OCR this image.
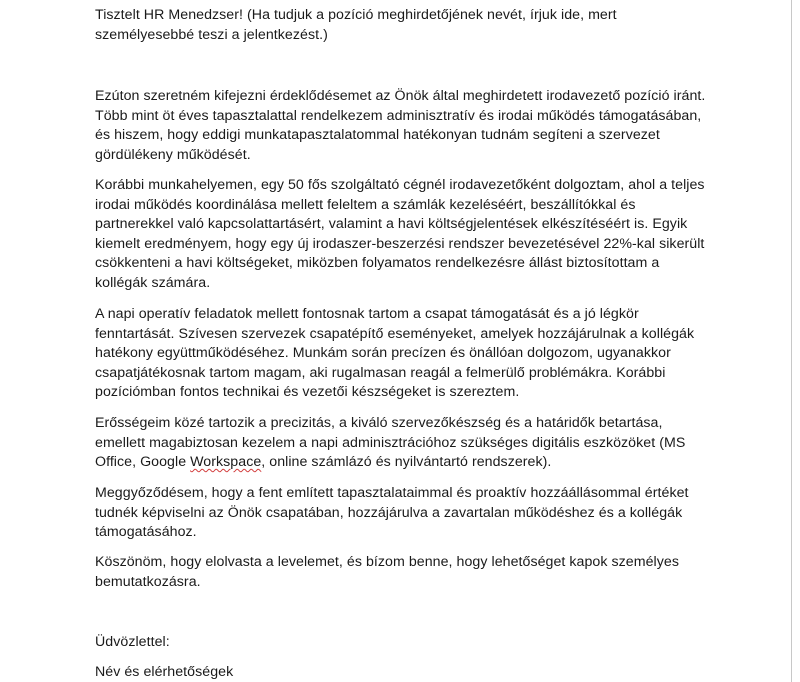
Tisztelt HR Menedzser! (Ha tudjuk a pozíció meghirdetőjének nevét, írjuk ide, mert

személyesebbé teszi a jelentkezést.)

Ezúton szeretném kifejezni érdeklődésemet az Önök által meghirdetett irodavezető pozíció iránt.

Több mint öt éves tapasztalattal rendelkezem adminisztratív és irodai működés támogatásában,

és hiszem, hogy eddigi munkatapasztalatommal hatékonyan tudnám segíteni a szervezet

gördülékeny működését.

Korábbi munkahelyemen, egy 50 fős szolgáltató cégnél irodavezetőként dolgoztam, ahol a teljes

irodai működés koordinálása mellett feleltem a számlák kezeléséért, beszállítókkal és

partnerekkel való kapcsolattartásért, valamint a havi költségjelentések elkészítéséért is. Egyik

kiemelt eredményem, hogy egy új irodaszer-beszerzési rendszer bevezetésével 22%-kal sikerült

csökkenteni a havi költségeket, miközben folyamatos rendelkezésre állást biztosítottam a

kollégák számára.

A napi operatív feladatok mellett fontosnak tartom a csapat támogatását és a jó légkör

fenntartását. Szívesen szervezek csapatépítő eseményeket, amelyek hozzájárulnak a kollégák

hatékony együttműködéséhez. Munkám során precízen és önállóan dolgozom, ugyanakkor

csapatjátékosnak tartom magam, aki rugalmasan reagál a felmerülő problémákra. Korábbi

pozíciómban fontos technikai és vezetői készségeket is szereztem.

Erősségeim közé tartozik a precizitás, a kiváló szervezőkészség és a határidők betartása,

emellett magabiztosan kezelem a napi adminisztrációhoz szükséges digitális eszközöket (MS

Office, Google Workspace, online számlázó és nyilvántartó rendszerek).

Meggyőződésem, hogy a fent említett tapasztalataimmal és proaktív hozzáállásommal értéket

tudnék képviselni az Önök csapatában, hozzájárulva a zavartalan működéshez és a kollégák

támogatásához.

Köszönöm, hogy elolvasta a levelemet, és bízom benne, hogy lehetőséget kapok személyes

bemutatkozásra.

Üdvözlettel:

Név és elérhetőségek
